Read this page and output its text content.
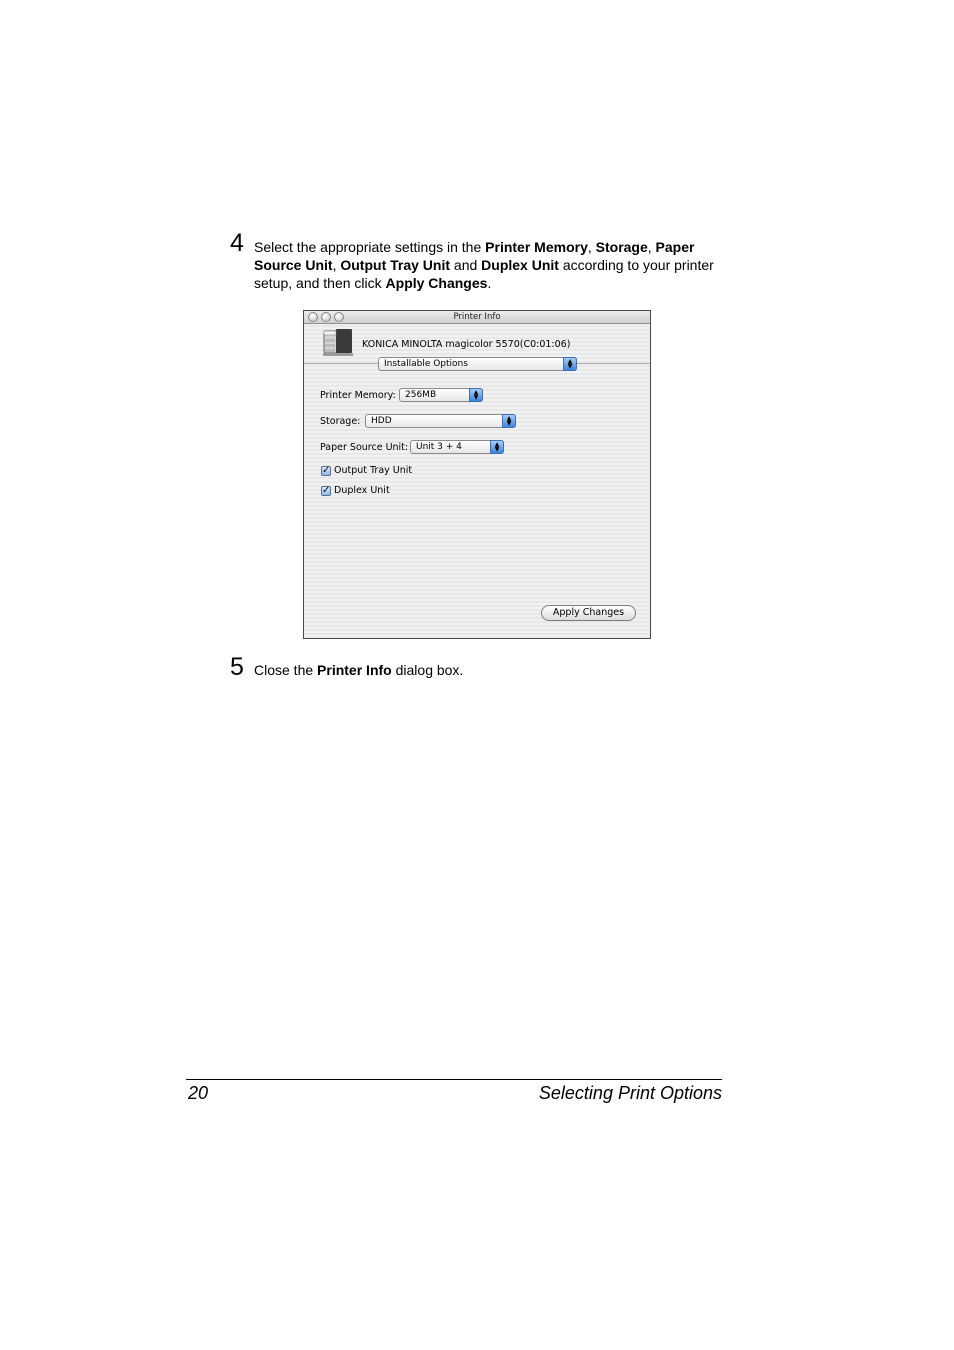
4 Select the appropriate settings in the Printer Memory, Storage, Paper Source Unit, Output Tray Unit and Duplex Unit according to your printer setup, and then click Apply Changes.
Printer Info
KONICA MINOLTA magicolor 5570(C0:01:06)
Installable Options	▲
▼
Printer Memory:	256MB	▲
▼
Storage:	HDD	▲
▼
Paper Source Unit: Unit 3 + 4	▲
▼
✓ Output Tray Unit
✓ Duplex Unit
Apply Changes
5 Close the Printer Info dialog box.
20	Selecting Print Options
